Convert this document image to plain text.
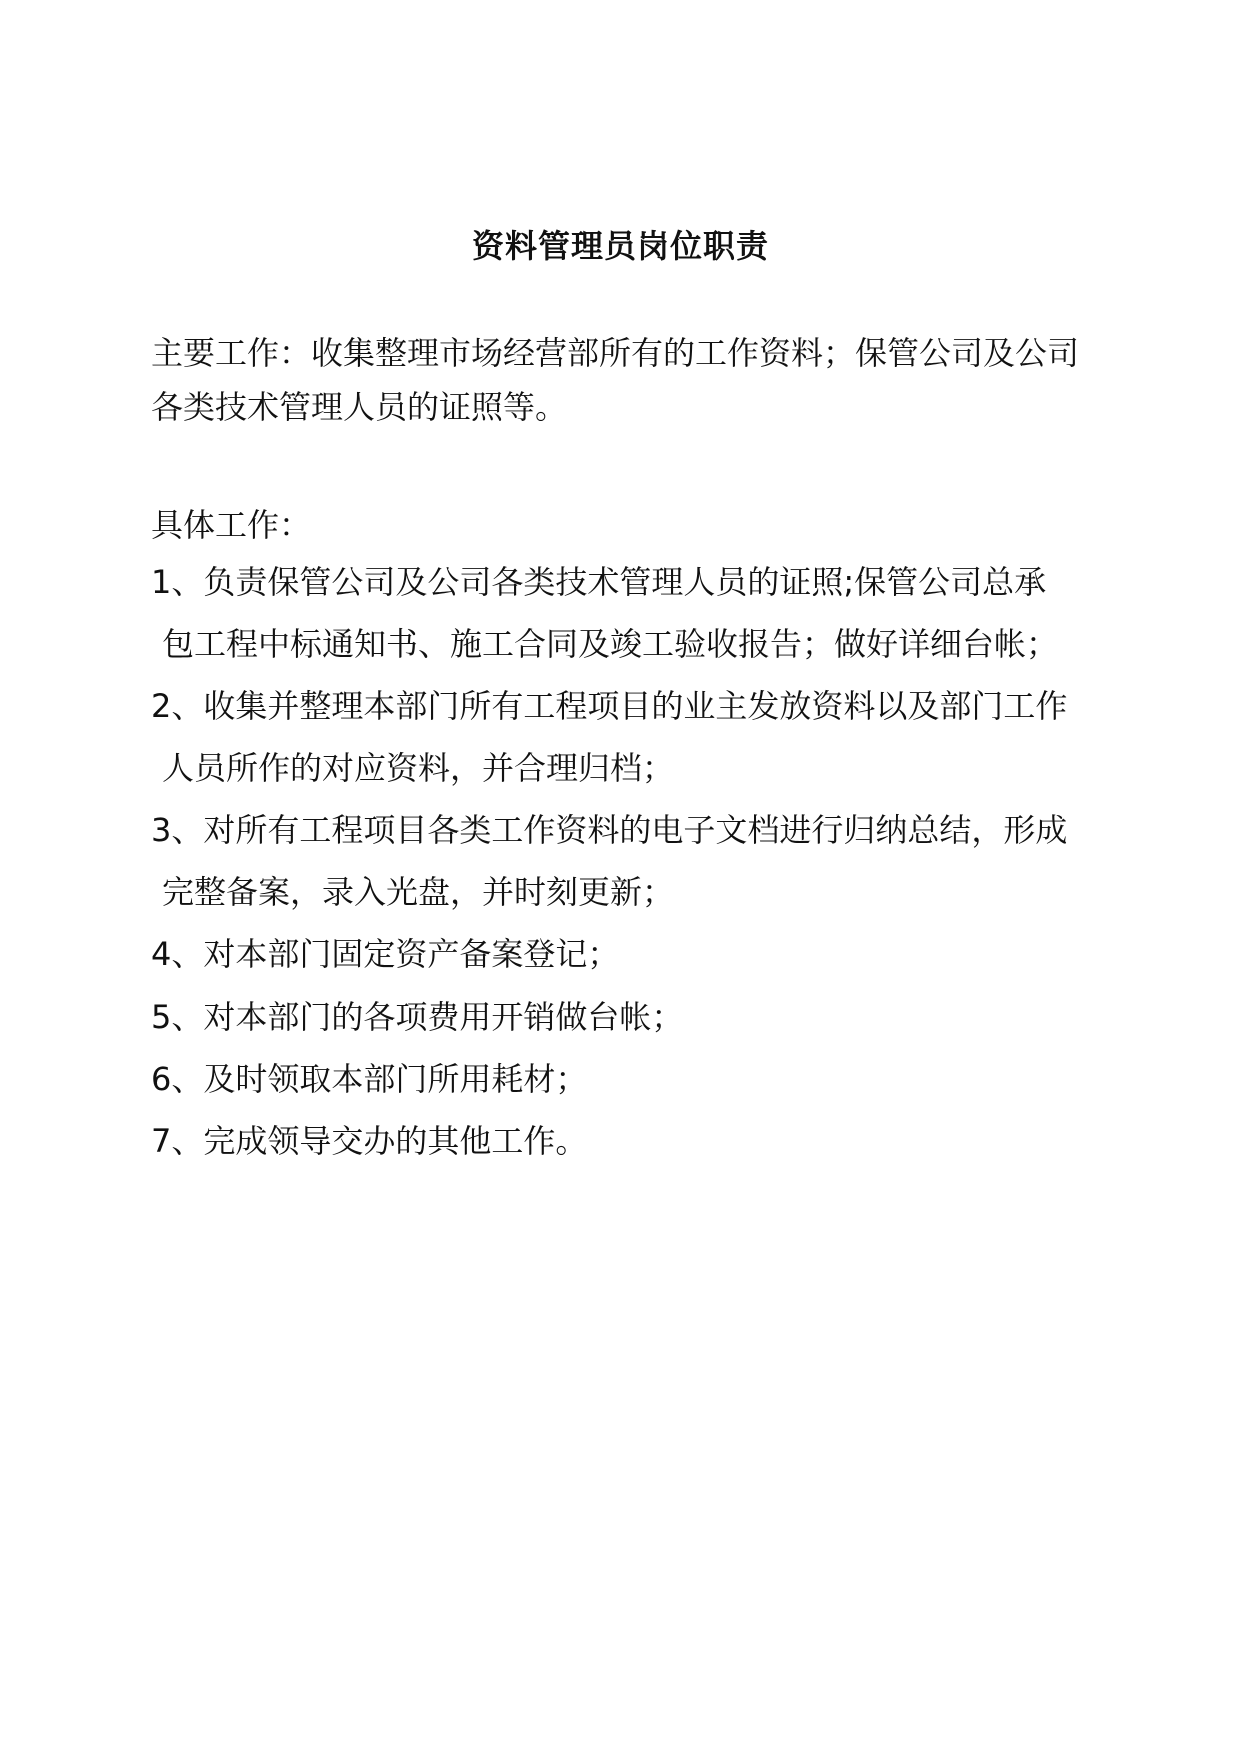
资料管理员岗位职责
主要工作：收集整理市场经营部所有的工作资料；保管公司及公司各类技术管理人员的证照等。
具体工作：
1、负责保管公司及公司各类技术管理人员的证照;保管公司总承
包工程中标通知书、施工合同及竣工验收报告；做好详细台帐；
2、收集并整理本部门所有工程项目的业主发放资料以及部门工作
人员所作的对应资料，并合理归档；
3、对所有工程项目各类工作资料的电子文档进行归纳总结，形成
完整备案，录入光盘，并时刻更新；
4、对本部门固定资产备案登记；
5、对本部门的各项费用开销做台帐；
6、及时领取本部门所用耗材；
7、完成领导交办的其他工作。
